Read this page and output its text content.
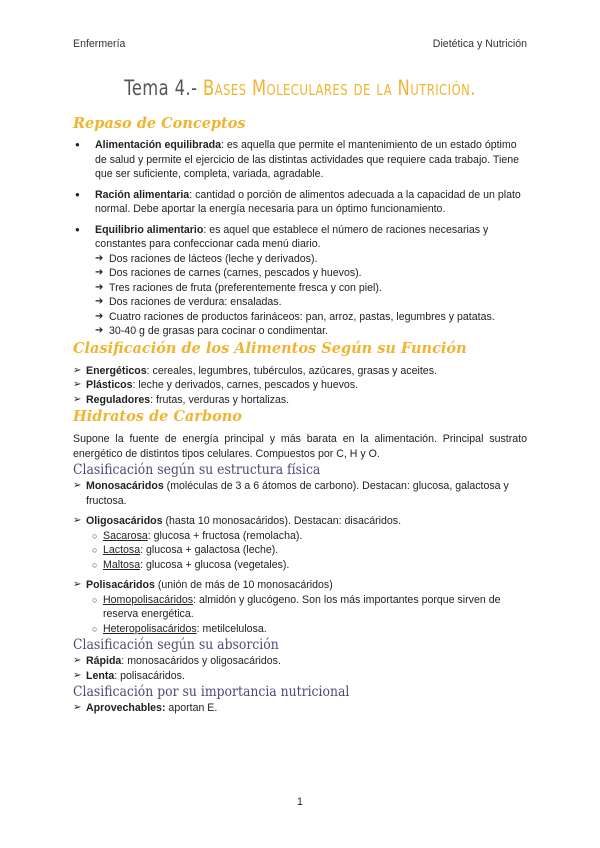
Enfermería	Dietética y Nutrición
Tema 4.- Bases Moleculares de la Nutrición.
Repaso de Conceptos
● Alimentación equilibrada: es aquella que permite el mantenimiento de un estado óptimo de salud y permite el ejercicio de las distintas actividades que requiere cada trabajo. Tiene que ser suficiente, completa, variada, agradable.
● Ración alimentaria: cantidad o porción de alimentos adecuada a la capacidad de un plato normal. Debe aportar la energía necesaria para un óptimo funcionamiento.
● Equilibrio alimentario: es aquel que establece el número de raciones necesarias y constantes para confeccionar cada menú diario.
➔ Dos raciones de lácteos (leche y derivados).
➔ Dos raciones de carnes (carnes, pescados y huevos).
➔ Tres raciones de fruta (preferentemente fresca y con piel).
➔ Dos raciones de verdura: ensaladas.
➔ Cuatro raciones de productos farináceos: pan, arroz, pastas, legumbres y patatas.
➔ 30-40 g de grasas para cocinar o condimentar.
Clasificación de los Alimentos Según su Función
➢ Energéticos: cereales, legumbres, tubérculos, azúcares, grasas y aceites.
➢ Plásticos: leche y derivados, carnes, pescados y huevos.
➢ Reguladores: frutas, verduras y hortalizas.
Hidratos de Carbono

Supone la fuente de energía principal y más barata en la alimentación. Principal sustrato energético de distintos tipos celulares. Compuestos por C, H y O.

Clasificación según su estructura física
➢ Monosacáridos (moléculas de 3 a 6 átomos de carbono). Destacan: glucosa, galactosa y fructosa.
➢ Oligosacáridos (hasta 10 monosacáridos). Destacan: disacáridos.
○ Sacarosa: glucosa + fructosa (remolacha).
○ Lactosa: glucosa + galactosa (leche).
○ Maltosa: glucosa + glucosa (vegetales).
➢ Polisacáridos (unión de más de 10 monosacáridos)
○ Homopolisacáridos: almidón y glucógeno. Son los más importantes porque sirven de reserva energética.
○ Heteropolisacáridos: metilcelulosa.
Clasificación según su absorción
➢ Rápida: monosacáridos y oligosacáridos.
➢ Lenta: polisacáridos.
Clasificación por su importancia nutricional
➢ Aprovechables: aportan E.
1
